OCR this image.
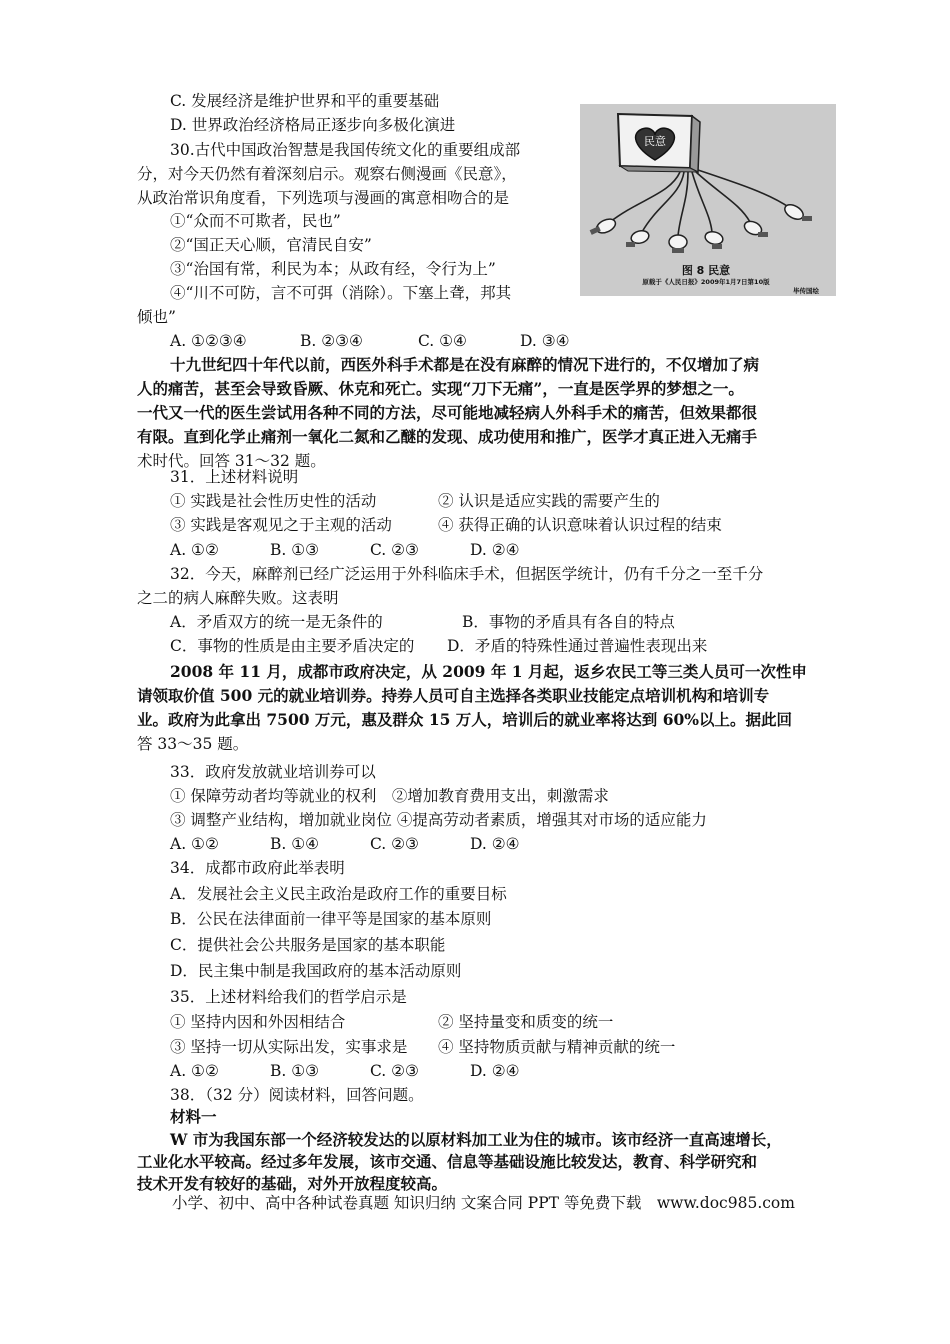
C. 发展经济是维护世界和平的重要基础
D. 世界政治经济格局正逐步向多极化演进
30.古代中国政治智慧是我国传统文化的重要组成部
分，对今天仍然有着深刻启示。观察右侧漫画《民意》，
从政治常识角度看，下列选项与漫画的寓意相吻合的是
①“众而不可欺者，民也”
②“国正天心顺，官清民自安”
③“治国有常，利民为本；从政有经，令行为上”
④“川不可防，言不可弭（消除）。下塞上聋，邦其
倾也”
A. ①②③④	B. ②③④	C. ①④	D. ③④
民意
图 8 民意
原载于《人民日报》2009年1月7日第10版
毕传国绘
十九世纪四十年代以前，西医外科手术都是在没有麻醉的情况下进行的，不仅增加了病
人的痛苦，甚至会导致昏厥、休克和死亡。实现“刀下无痛”，一直是医学界的梦想之一。
一代又一代的医生尝试用各种不同的方法，尽可能地减轻病人外科手术的痛苦，但效果都很
有限。直到化学止痛剂一氧化二氮和乙醚的发现、成功使用和推广，医学才真正进入无痛手
术时代。回答 31～32 题。
31．上述材料说明
① 实践是社会性历史性的活动	② 认识是适应实践的需要产生的
③ 实践是客观见之于主观的活动	④ 获得正确的认识意味着认识过程的结束
A. ①②	B. ①③	C. ②③	D. ②④
32．今天，麻醉剂已经广泛运用于外科临床手术，但据医学统计，仍有千分之一至千分
之二的病人麻醉失败。这表明
A．矛盾双方的统一是无条件的	B．事物的矛盾具有各自的特点
C．事物的性质是由主要矛盾决定的 D．矛盾的特殊性通过普遍性表现出来
2008 年 11 月，成都市政府决定，从 2009 年 1 月起，返乡农民工等三类人员可一次性申
请领取价值 500 元的就业培训券。持券人员可自主选择各类职业技能定点培训机构和培训专
业。政府为此拿出 7500 万元，惠及群众 15 万人，培训后的就业率将达到 60%以上。据此回
答 33～35 题。
33．政府发放就业培训券可以
① 保障劳动者均等就业的权利　②增加教育费用支出，刺激需求
③ 调整产业结构，增加就业岗位 ④提高劳动者素质，增强其对市场的适应能力
A. ①②	B. ①④	C. ②③	D. ②④
34．成都市政府此举表明
A．发展社会主义民主政治是政府工作的重要目标
B．公民在法律面前一律平等是国家的基本原则
C．提供社会公共服务是国家的基本职能
D．民主集中制是我国政府的基本活动原则
35．上述材料给我们的哲学启示是
① 坚持内因和外因相结合	② 坚持量变和质变的统一
③ 坚持一切从实际出发，实事求是 ④ 坚持物质贡献与精神贡献的统一
A. ①②	B. ①③	C. ②③	D. ②④
38．（32 分）阅读材料，回答问题。
材料一
W 市为我国东部一个经济较发达的以原材料加工业为住的城市。该市经济一直高速增长，
工业化水平较高。经过多年发展，该市交通、信息等基础设施比较发达，教育、科学研究和
技术开发有较好的基础，对外开放程度较高。
小学、初中、高中各种试卷真题 知识归纳 文案合同 PPT 等免费下载　www.doc985.com
